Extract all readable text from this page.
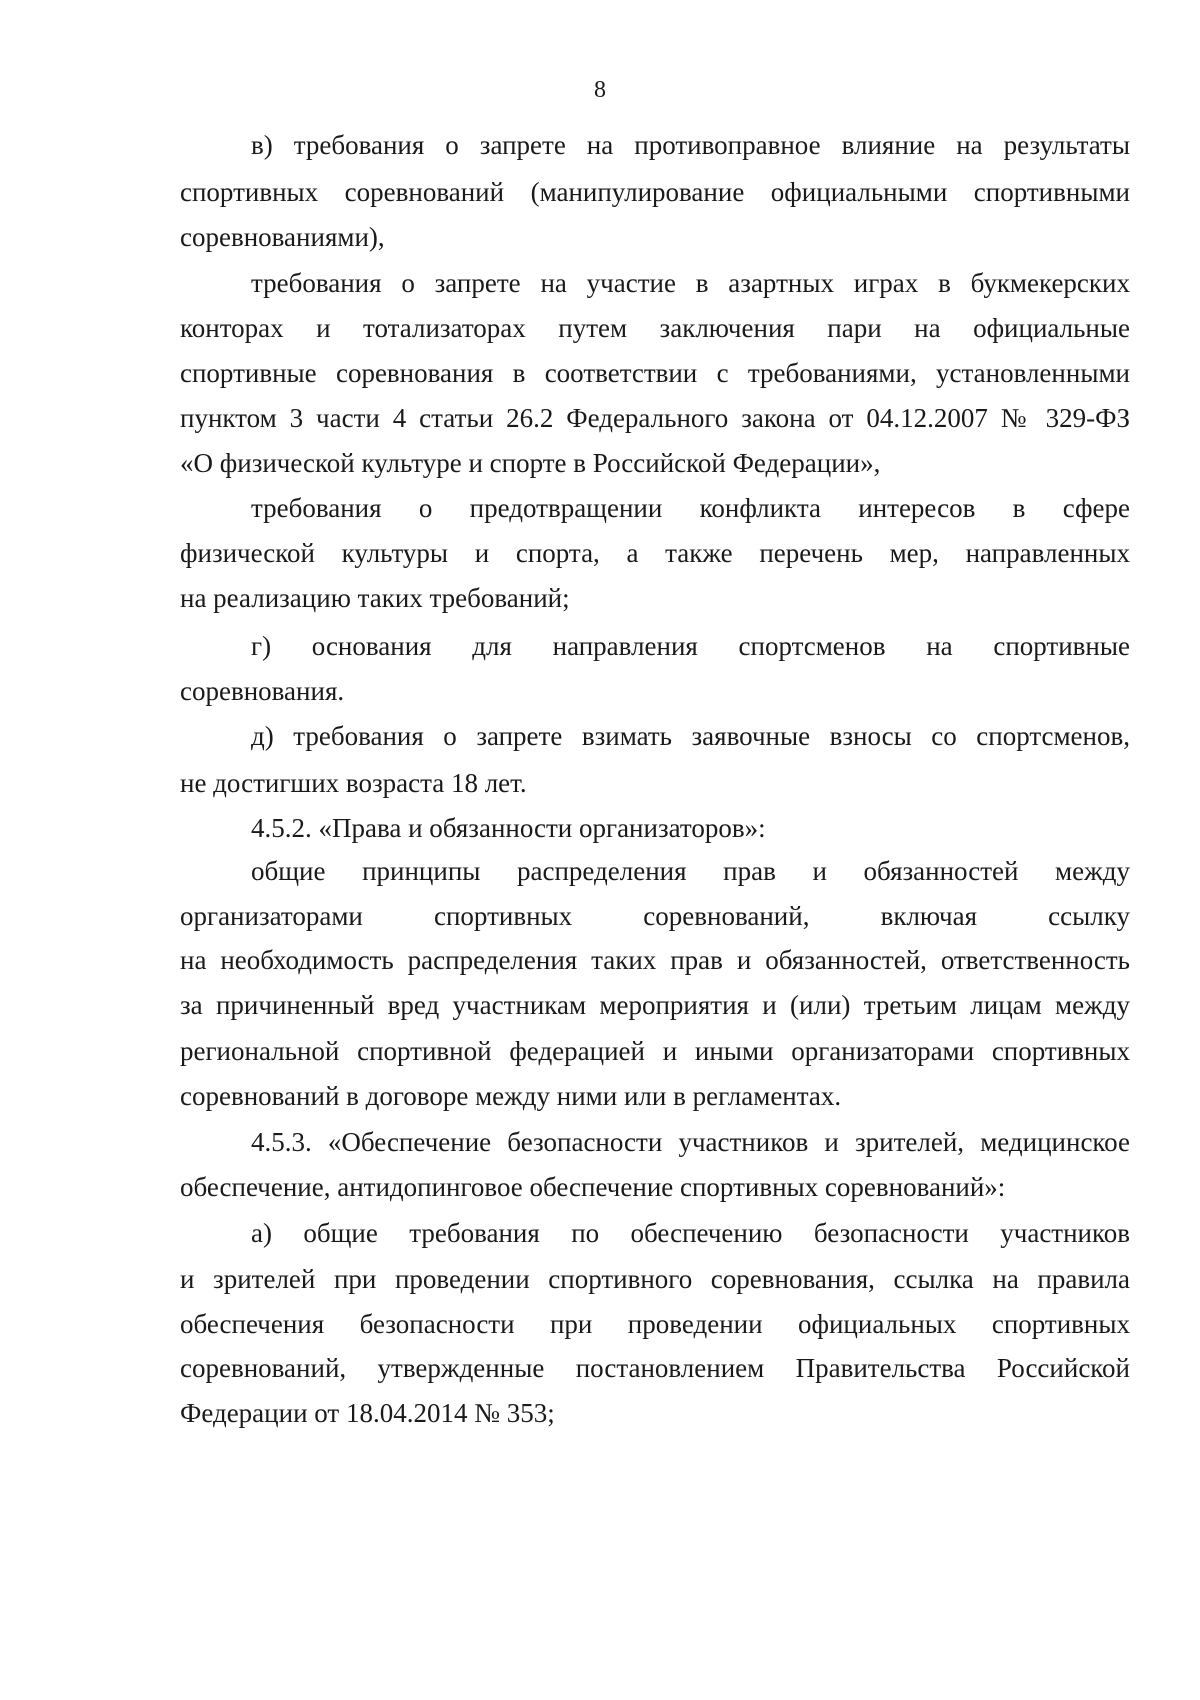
8
в) требования о запрете на противоправное влияние на результаты
спортивных соревнований (манипулирование официальными спортивными
соревнованиями),
требования о запрете на участие в азартных играх в букмекерских
конторах и тотализаторах путем заключения пари на официальные
спортивные соревнования в соответствии с требованиями, установленными
пунктом 3 части 4 статьи 26.2 Федерального закона от 04.12.2007 № 329-ФЗ
«О физической культуре и спорте в Российской Федерации»,
требования о предотвращении конфликта интересов в сфере
физической культуры и спорта, а также перечень мер, направленных
на реализацию таких требований;
г) основания для направления спортсменов на спортивные
соревнования.
д) требования о запрете взимать заявочные взносы со спортсменов,
не достигших возраста 18 лет.
4.5.2. «Права и обязанности организаторов»:
общие принципы распределения прав и обязанностей между
организаторами спортивных соревнований, включая ссылку
на необходимость распределения таких прав и обязанностей, ответственность
за причиненный вред участникам мероприятия и (или) третьим лицам между
региональной спортивной федерацией и иными организаторами спортивных
соревнований в договоре между ними или в регламентах.
4.5.3. «Обеспечение безопасности участников и зрителей, медицинское
обеспечение, антидопинговое обеспечение спортивных соревнований»:
а) общие требования по обеспечению безопасности участников
и зрителей при проведении спортивного соревнования, ссылка на правила
обеспечения безопасности при проведении официальных спортивных
соревнований, утвержденные постановлением Правительства Российской
Федерации от 18.04.2014 № 353;
